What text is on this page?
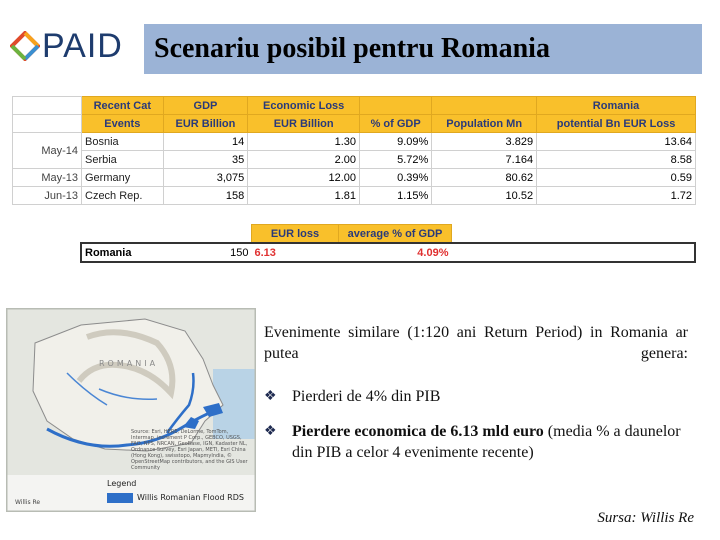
PAID Scenariu posibil pentru Romania
	Recent Cat	GDP	Economic Loss			Romania
	Events	EUR Billion	EUR Billion	% of GDP	Population Mn	potential Bn EUR Loss
May-14	Bosnia	14	1.30	9.09%	3.829	13.64
	Serbia	35	2.00	5.72%	7.164	8.58
May-13	Germany	3,075	12.00	0.39%	80.62	0.59
Jun-13	Czech Rep.	158	1.81	1.15%	10.52	1.72
		EUR loss	average % of GDP	
Romania	150	6.13	4.09%	
ROMANIA
Source: Esri, HERE, DeLorme, TomTom, Intermap, increment P Corp., GEBCO, USGS, FAO, NPS, NRCAN, GeoBase, IGN, Kadaster NL, Ordnance Survey, Esri Japan, METI, Esri China (Hong Kong), swisstopo, MapmyIndia, © OpenStreetMap contributors, and the GIS User Community
Legend
Willis Romanian Flood RDS
Willis Re
Evenimente similare (1:120 ani Return Period) in Romania ar putea genera:
❖ Pierderi de 4% din PIB
❖ Pierdere economica de 6.13 mld euro (media % a daunelor din PIB a celor 4 evenimente recente)
Sursa: Willis Re
